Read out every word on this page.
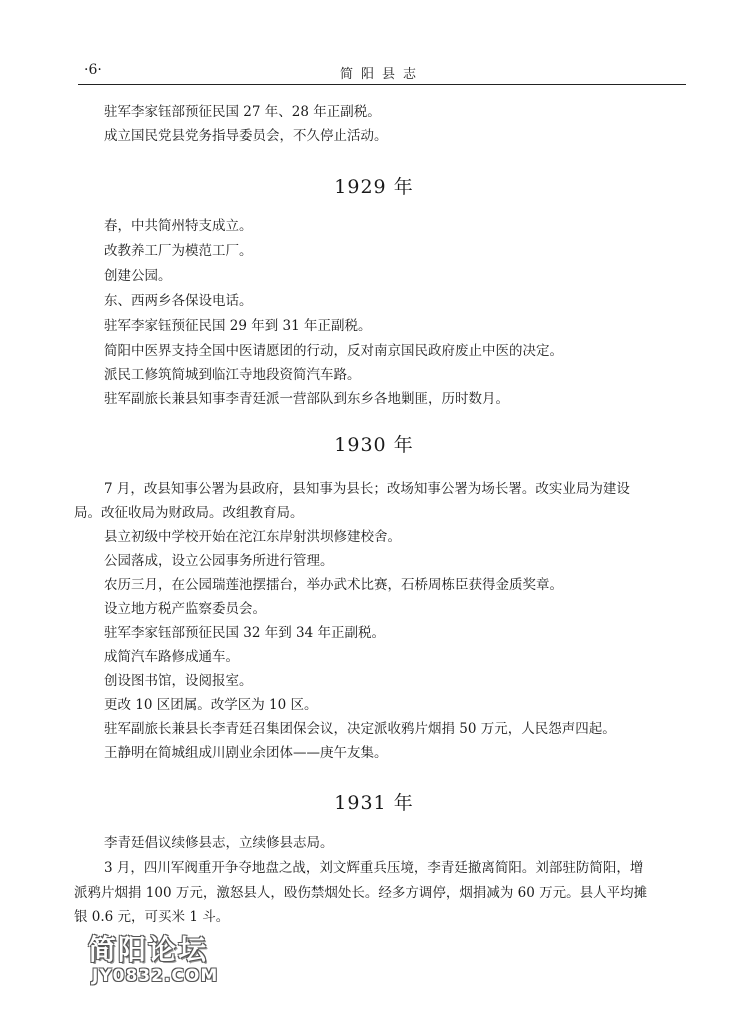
·6·	简阳县志
驻军李家钰部预征民国 27 年、28 年正副税。
成立国民党县党务指导委员会，不久停止活动。
1929 年
春，中共简州特支成立。
改教养工厂为模范工厂。
创建公园。
东、西两乡各保设电话。
驻军李家钰预征民国 29 年到 31 年正副税。
简阳中医界支持全国中医请愿团的行动，反对南京国民政府废止中医的决定。
派民工修筑简城到临江寺地段资简汽车路。
驻军副旅长兼县知事李青廷派一营部队到东乡各地剿匪，历时数月。
1930 年
7 月，改县知事公署为县政府，县知事为县长；改场知事公署为场长署。改实业局为建设
局。改征收局为财政局。改组教育局。
县立初级中学校开始在沱江东岸射洪坝修建校舍。
公园落成，设立公园事务所进行管理。
农历三月，在公园瑞莲池摆擂台，举办武术比赛，石桥周栋臣获得金质奖章。
设立地方税产监察委员会。
驻军李家钰部预征民国 32 年到 34 年正副税。
成简汽车路修成通车。
创设图书馆，设阅报室。
更改 10 区团属。改学区为 10 区。
驻军副旅长兼县长李青廷召集团保会议，决定派收鸦片烟捐 50 万元，人民怨声四起。
王静明在简城组成川剧业余团体——庚午友集。
1931 年
李青廷倡议续修县志，立续修县志局。
3 月，四川军阀重开争夺地盘之战，刘文辉重兵压境，李青廷撤离简阳。刘部驻防简阳，增
派鸦片烟捐 100 万元，激怒县人，殴伤禁烟处长。经多方调停，烟捐减为 60 万元。县人平均摊
银 0.6 元，可买米 1 斗。
简阳论坛
JY0832.COM
